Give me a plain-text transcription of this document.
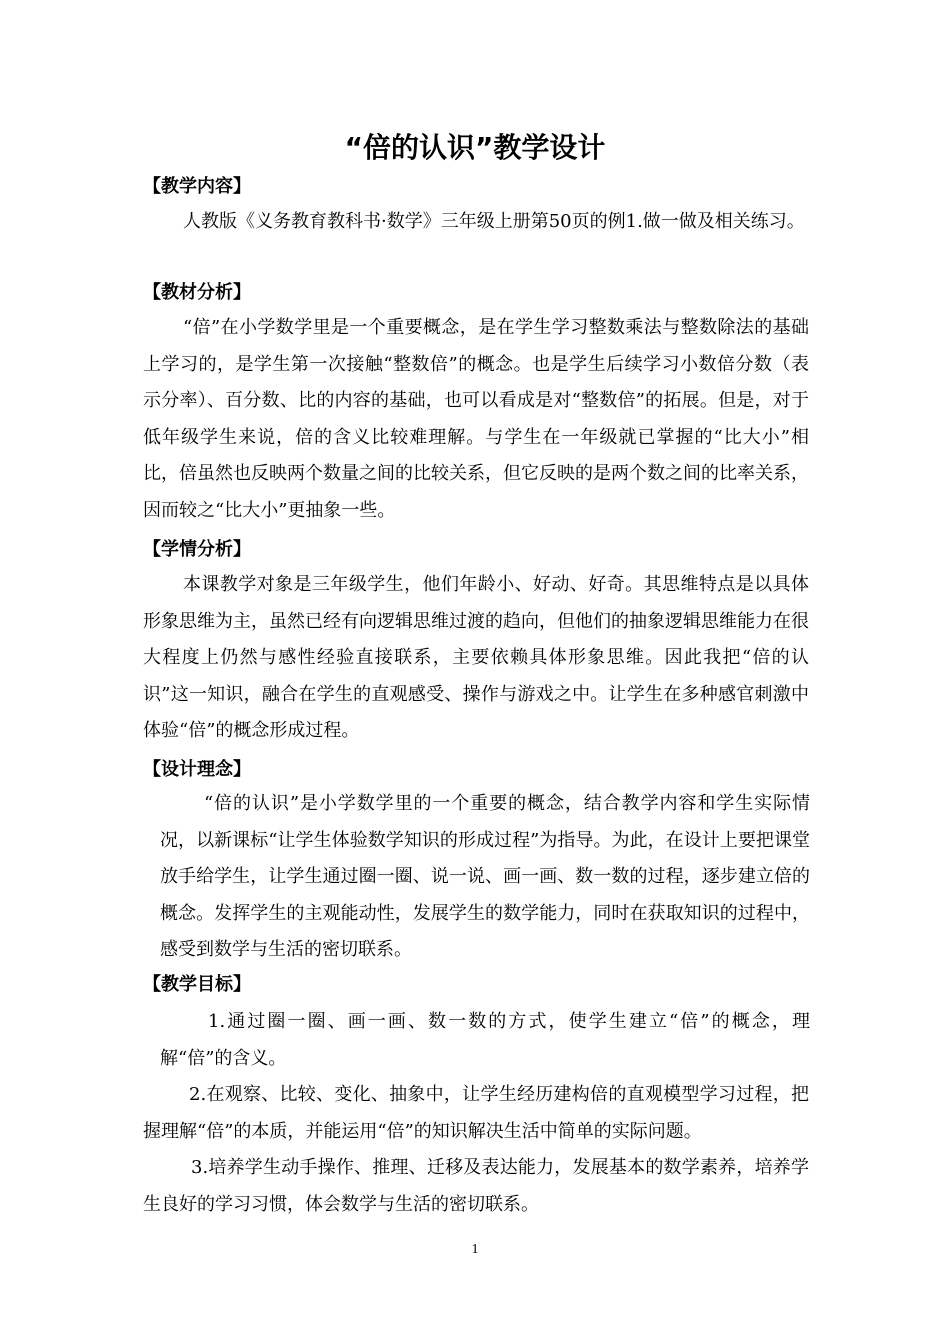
“倍的认识”教学设计
【教学内容】
人教版《义务教育教科书·数学》三年级上册第50页的例1.做一做及相关练习。
【教材分析】
“倍”在小学数学里是一个重要概念，是在学生学习整数乘法与整数除法的基础上学习的，是学生第一次接触“整数倍”的概念。也是学生后续学习小数倍分数（表示分率）、百分数、比的内容的基础，也可以看成是对“整数倍”的拓展。但是，对于低年级学生来说，倍的含义比较难理解。与学生在一年级就已掌握的“比大小”相比，倍虽然也反映两个数量之间的比较关系，但它反映的是两个数之间的比率关系，因而较之“比大小”更抽象一些。
【学情分析】
本课教学对象是三年级学生，他们年龄小、好动、好奇。其思维特点是以具体形象思维为主，虽然已经有向逻辑思维过渡的趋向，但他们的抽象逻辑思维能力在很大程度上仍然与感性经验直接联系，主要依赖具体形象思维。因此我把“倍的认识”这一知识，融合在学生的直观感受、操作与游戏之中。让学生在多种感官刺激中体验“倍”的概念形成过程。
【设计理念】
“倍的认识”是小学数学里的一个重要的概念，结合教学内容和学生实际情况，以新课标“让学生体验数学知识的形成过程”为指导。为此，在设计上要把课堂放手给学生，让学生通过圈一圈、说一说、画一画、数一数的过程，逐步建立倍的概念。发挥学生的主观能动性，发展学生的数学能力，同时在获取知识的过程中，感受到数学与生活的密切联系。
【教学目标】
1.通过圈一圈、画一画、数一数的方式，使学生建立“倍”的概念，理解“倍”的含义。
2.在观察、比较、变化、抽象中，让学生经历建构倍的直观模型学习过程，把握理解“倍”的本质，并能运用“倍”的知识解决生活中简单的实际问题。
3.培养学生动手操作、推理、迁移及表达能力，发展基本的数学素养，培养学生良好的学习习惯，体会数学与生活的密切联系。
1
